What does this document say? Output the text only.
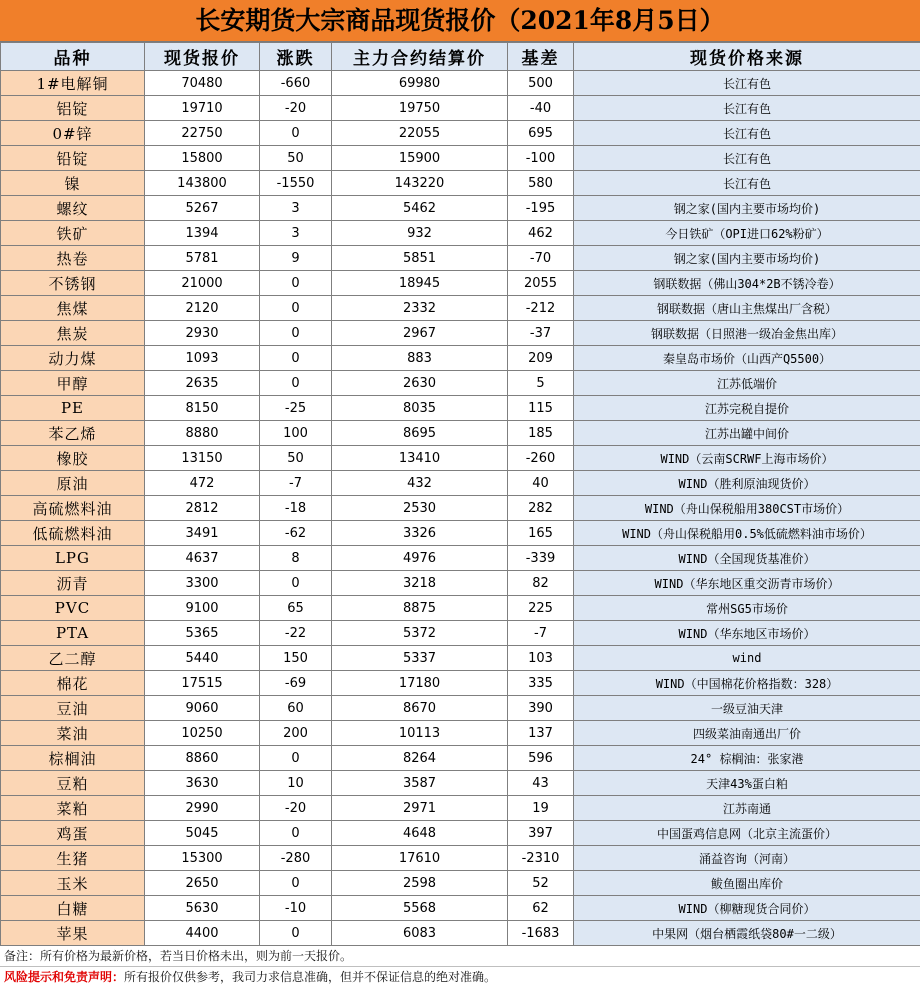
长安期货大宗商品现货报价（2021年8月5日）
品种	现货报价	涨跌	主力合约结算价	基差	现货价格来源
1#电解铜	70480	-660	69980	500	长江有色
铝锭	19710	-20	19750	-40	长江有色
0#锌	22750	0	22055	695	长江有色
铅锭	15800	50	15900	-100	长江有色
镍	143800	-1550	143220	580	长江有色
螺纹	5267	3	5462	-195	钢之家(国内主要市场均价)
铁矿	1394	3	932	462	今日铁矿（OPI进口62%粉矿）
热卷	5781	9	5851	-70	钢之家(国内主要市场均价)
不锈钢	21000	0	18945	2055	钢联数据（佛山304*2B不锈冷卷）
焦煤	2120	0	2332	-212	钢联数据（唐山主焦煤出厂含税）
焦炭	2930	0	2967	-37	钢联数据（日照港一级冶金焦出库）
动力煤	1093	0	883	209	秦皇岛市场价（山西产Q5500）
甲醇	2635	0	2630	5	江苏低端价
PE	8150	-25	8035	115	江苏完税自提价
苯乙烯	8880	100	8695	185	江苏出罐中间价
橡胶	13150	50	13410	-260	WIND（云南SCRWF上海市场价）
原油	472	-7	432	40	WIND（胜利原油现货价）
高硫燃料油	2812	-18	2530	282	WIND（舟山保税船用380CST市场价）
低硫燃料油	3491	-62	3326	165	WIND（舟山保税船用0.5%低硫燃料油市场价）
LPG	4637	8	4976	-339	WIND（全国现货基准价）
沥青	3300	0	3218	82	WIND（华东地区重交沥青市场价）
PVC	9100	65	8875	225	常州SG5市场价
PTA	5365	-22	5372	-7	WIND（华东地区市场价）
乙二醇	5440	150	5337	103	wind
棉花	17515	-69	17180	335	WIND（中国棉花价格指数：328）
豆油	9060	60	8670	390	一级豆油天津
菜油	10250	200	10113	137	四级菜油南通出厂价
棕榈油	8860	0	8264	596	24° 棕榈油：张家港
豆粕	3630	10	3587	43	天津43%蛋白粕
菜粕	2990	-20	2971	19	江苏南通
鸡蛋	5045	0	4648	397	中国蛋鸡信息网（北京主流蛋价）
生猪	15300	-280	17610	-2310	涌益咨询（河南）
玉米	2650	0	2598	52	鲅鱼圈出库价
白糖	5630	-10	5568	62	WIND（柳糖现货合同价）
苹果	4400	0	6083	-1683	中果网（烟台栖霞纸袋80#一二级）
备注：所有价格为最新价格，若当日价格未出，则为前一天报价。
风险提示和免责声明：所有报价仅供参考，我司力求信息准确，但并不保证信息的绝对准确。
